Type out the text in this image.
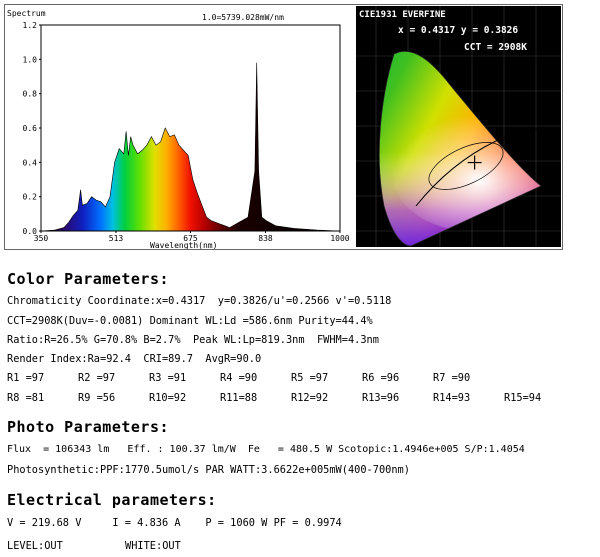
Spectrum	1.0=5739.028mW/nm
Wavelength(nm)
0.0
0.2
0.4
0.6
0.8
1.0
1.2
350	513	675	838	1000
CIE1931 EVERFINE
x = 0.4317 y = 0.3826
CCT = 2908K
Color Parameters:
Chromaticity Coordinate:x=0.4317  y=0.3826/u'=0.2566 v'=0.5118
CCT=2908K(Duv=-0.0081) Dominant WL:Ld =586.6nm Purity=44.4%
Ratio:R=26.5% G=70.8% B=2.7%  Peak WL:Lp=819.3nm  FWHM=4.3nm
Render Index:Ra=92.4  CRI=89.7  AvgR=90.0
R1 =97	R2 =97	R3 =91	R4 =90	R5 =97	R6 =96	R7 =90
R8 =81	R9 =56	R10=92	R11=88	R12=92	R13=96	R14=93	R15=94
Photo Parameters:
Flux  = 106343 lm   Eff. : 100.37 lm/W  Fe   = 480.5 W Scotopic:1.4946e+005 S/P:1.4054
Photosynthetic:PPF:1770.5umol/s PAR WATT:3.6622e+005mW(400-700nm)
Electrical parameters:
V = 219.68 V     I = 4.836 A    P = 1060 W PF = 0.9974
LEVEL:OUT	WHITE:OUT
